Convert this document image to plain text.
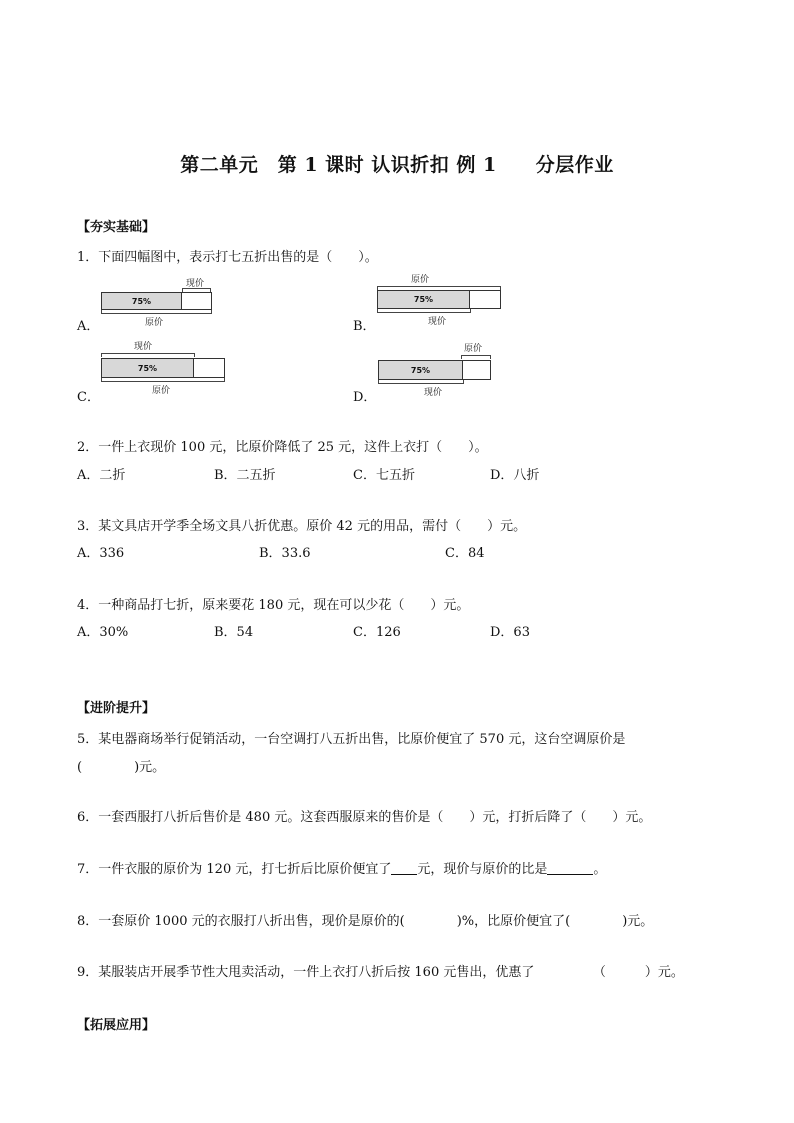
第二单元　第 1 课时 认识折扣 例 1　　分层作业
【夯实基础】
1．下面四幅图中，表示打七五折出售的是（　　）。
A．
75%
现价
原价	B．
75%
原价
现价
C．
75%
现价
原价	D．
75%
原价
现价
2．一件上衣现价 100 元，比原价降低了 25 元，这件上衣打（　　）。
A．二折	B．二五折	C．七五折	D．八折
3．某文具店开学季全场文具八折优惠。原价 42 元的用品，需付（　　）元。
A．336	B．33.6	C．84
4．一种商品打七折，原来要花 180 元，现在可以少花（　　）元。
A．30%	B．54	C．126	D．63
【进阶提升】
5．某电器商场举行促销活动，一台空调打八五折出售，比原价便宜了 570 元，这台空调原价是
(　　　　)元。
6．一套西服打八折后售价是 480 元。这套西服原来的售价是（　　）元，打折后降了（　　）元。
7．一件衣服的原价为 120 元，打七折后比原价便宜了 元，现价与原价的比是	。
8．一套原价 1000 元的衣服打八折出售，现价是原价的(　　　　)%，比原价便宜了(　　　　)元。
9．某服装店开展季节性大甩卖活动，一件上衣打八折后按 160 元售出，优惠了　　　　　（　　　）元。
【拓展应用】
